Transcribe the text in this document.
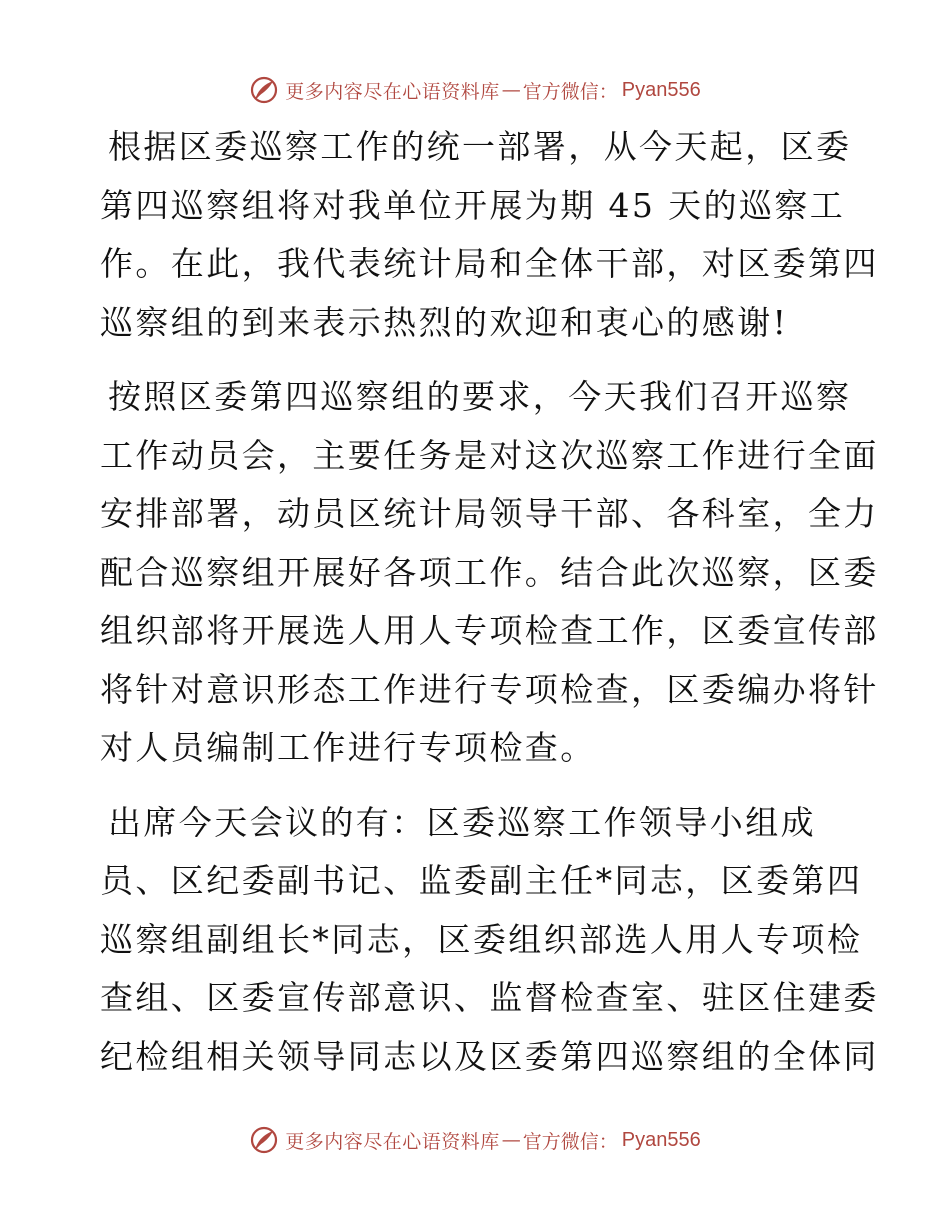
更多内容尽在心语资料库 — 官方微信： Pyan556
根据区委巡察工作的统一部署，从今天起，区委
第四巡察组将对我单位开展为期 45 天的巡察工
作。在此，我代表统计局和全体干部，对区委第四
巡察组的到来表示热烈的欢迎和衷心的感谢!
按照区委第四巡察组的要求，今天我们召开巡察
工作动员会，主要任务是对这次巡察工作进行全面
安排部署，动员区统计局领导干部、各科室，全力
配合巡察组开展好各项工作。结合此次巡察，区委
组织部将开展选人用人专项检查工作，区委宣传部
将针对意识形态工作进行专项检查，区委编办将针
对人员编制工作进行专项检查。
出席今天会议的有：区委巡察工作领导小组成
员、区纪委副书记、监委副主任*同志，区委第四
巡察组副组长*同志，区委组织部选人用人专项检
查组、区委宣传部意识、监督检查室、驻区住建委
纪检组相关领导同志以及区委第四巡察组的全体同
更多内容尽在心语资料库 — 官方微信： Pyan556
